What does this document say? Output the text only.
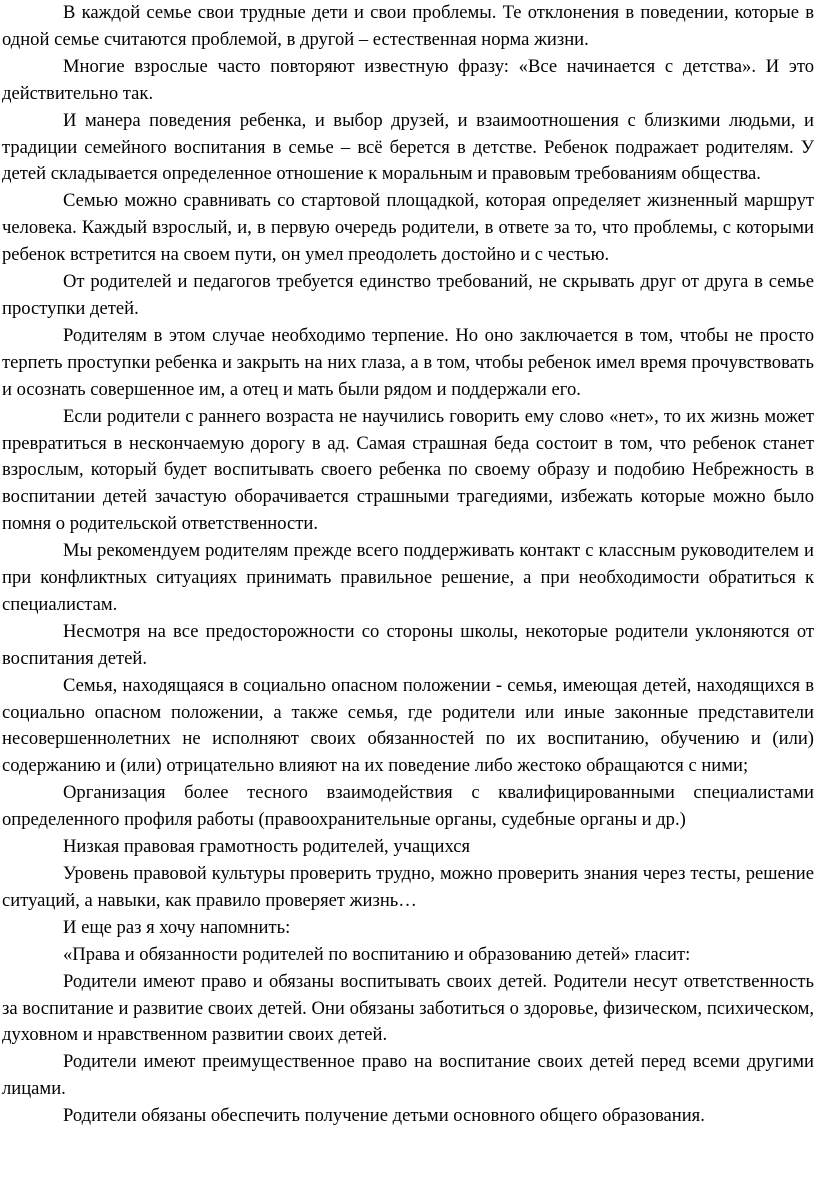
В каждой семье свои трудные дети и свои проблемы. Те отклонения в поведении, которые в одной семье считаются проблемой, в другой – естественная норма жизни.

Многие взрослые часто повторяют известную фразу: «Все начинается с детства». И это действительно так.

И манера поведения ребенка, и выбор друзей, и взаимоотношения с близкими людьми, и традиции семейного воспитания в семье – всё берется в детстве. Ребенок подражает родителям. У детей складывается определенное отношение к моральным и правовым требованиям общества.

Семью можно сравнивать со стартовой площадкой, которая определяет жизненный маршрут человека. Каждый взрослый, и, в первую очередь родители, в ответе за то, что проблемы, с которыми ребенок встретится на своем пути, он умел преодолеть достойно и с честью.

От родителей и педагогов требуется единство требований, не скрывать друг от друга в семье проступки детей.

Родителям в этом случае необходимо терпение. Но оно заключается в том, чтобы не просто терпеть проступки ребенка и закрыть на них глаза, а в том, чтобы ребенок имел время прочувствовать и осознать совершенное им, а отец и мать были рядом и поддержали его.

Если родители с раннего возраста не научились говорить ему слово «нет», то их жизнь может превратиться в нескончаемую дорогу в ад. Самая страшная беда состоит в том, что ребенок станет взрослым, который будет воспитывать своего ребенка по своему образу и подобию Небрежность в воспитании детей зачастую оборачивается страшными трагедиями, избежать которые можно было помня о родительской ответственности.

Мы рекомендуем родителям прежде всего поддерживать контакт с классным руководителем и при конфликтных ситуациях принимать правильное решение, а при необходимости обратиться к специалистам.

Несмотря на все предосторожности со стороны школы, некоторые родители уклоняются от воспитания детей.

Семья, находящаяся в социально опасном положении - семья, имеющая детей, находящихся в социально опасном положении, а также семья, где родители или иные законные представители несовершеннолетних не исполняют своих обязанностей по их воспитанию, обучению и (или) содержанию и (или) отрицательно влияют на их поведение либо жестоко обращаются с ними;

Организация более тесного взаимодействия с квалифицированными специалистами определенного профиля работы (правоохранительные органы, судебные органы и др.)

Низкая правовая грамотность родителей, учащихся

Уровень правовой культуры проверить трудно, можно проверить знания через тесты, решение ситуаций, а навыки, как правило проверяет жизнь…

И еще раз я хочу напомнить:

«Права и обязанности родителей по воспитанию и образованию детей» гласит:

Родители имеют право и обязаны воспитывать своих детей. Родители несут ответственность за воспитание и развитие своих детей. Они обязаны заботиться о здоровье, физическом, психическом, духовном и нравственном развитии своих детей.

Родители имеют преимущественное право на воспитание своих детей перед всеми другими лицами.

Родители обязаны обеспечить получение детьми основного общего образования.
